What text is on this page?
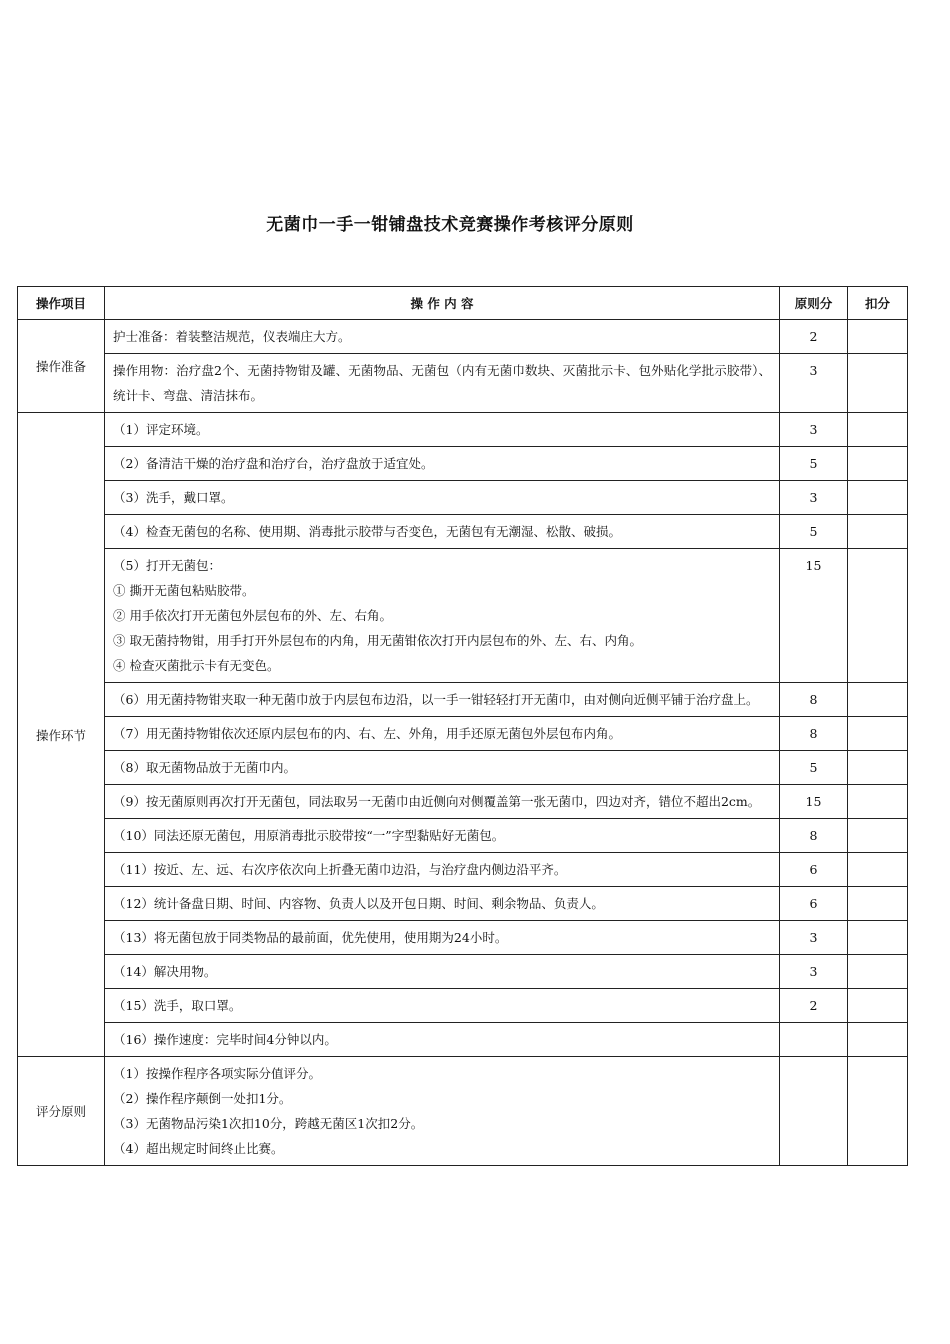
无菌巾一手一钳铺盘技术竞赛操作考核评分原则
操作项目	操 作 内 容	原则分	扣分
操作准备	护士准备：着装整洁规范，仪表端庄大方。	2	

	操作用物：治疗盘2个、无菌持物钳及罐、无菌物品、无菌包（内有无菌巾数块、灭菌批示卡、包外贴化学批示胶带）、统计卡、弯盘、清洁抹布。	3	
操作环节	（1）评定环境。	3	

	（2）备清洁干燥的治疗盘和治疗台，治疗盘放于适宜处。	5	

	（3）洗手，戴口罩。	3	

	（4）检查无菌包的名称、使用期、消毒批示胶带与否变色，无菌包有无潮湿、松散、破损。	5	

	（5）打开无菌包：
① 撕开无菌包粘贴胶带。
② 用手依次打开无菌包外层包布的外、左、右角。
③ 取无菌持物钳，用手打开外层包布的内角，用无菌钳依次打开内层包布的外、左、右、内角。
④ 检查灭菌批示卡有无变色。	15	

	（6）用无菌持物钳夹取一种无菌巾放于内层包布边沿，以一手一钳轻轻打开无菌巾，由对侧向近侧平铺于治疗盘上。	8	

	（7）用无菌持物钳依次还原内层包布的内、右、左、外角，用手还原无菌包外层包布内角。	8	

	（8）取无菌物品放于无菌巾内。	5	

	（9）按无菌原则再次打开无菌包，同法取另一无菌巾由近侧向对侧覆盖第一张无菌巾，四边对齐，错位不超出2cm。	15	

	（10）同法还原无菌包，用原消毒批示胶带按“一”字型黏贴好无菌包。	8	

	（11）按近、左、远、右次序依次向上折叠无菌巾边沿，与治疗盘内侧边沿平齐。	6	

	（12）统计备盘日期、时间、内容物、负责人以及开包日期、时间、剩余物品、负责人。	6	

	（13）将无菌包放于同类物品的最前面，优先使用，使用期为24小时。	3	

	（14）解决用物。	3	

	（15）洗手，取口罩。	2	

	（16）操作速度：完毕时间4分钟以内。		

评分原则	（1）按操作程序各项实际分值评分。
（2）操作程序颠倒一处扣1分。
（3）无菌物品污染1次扣10分，跨越无菌区1次扣2分。
（4）超出规定时间终止比赛。		
